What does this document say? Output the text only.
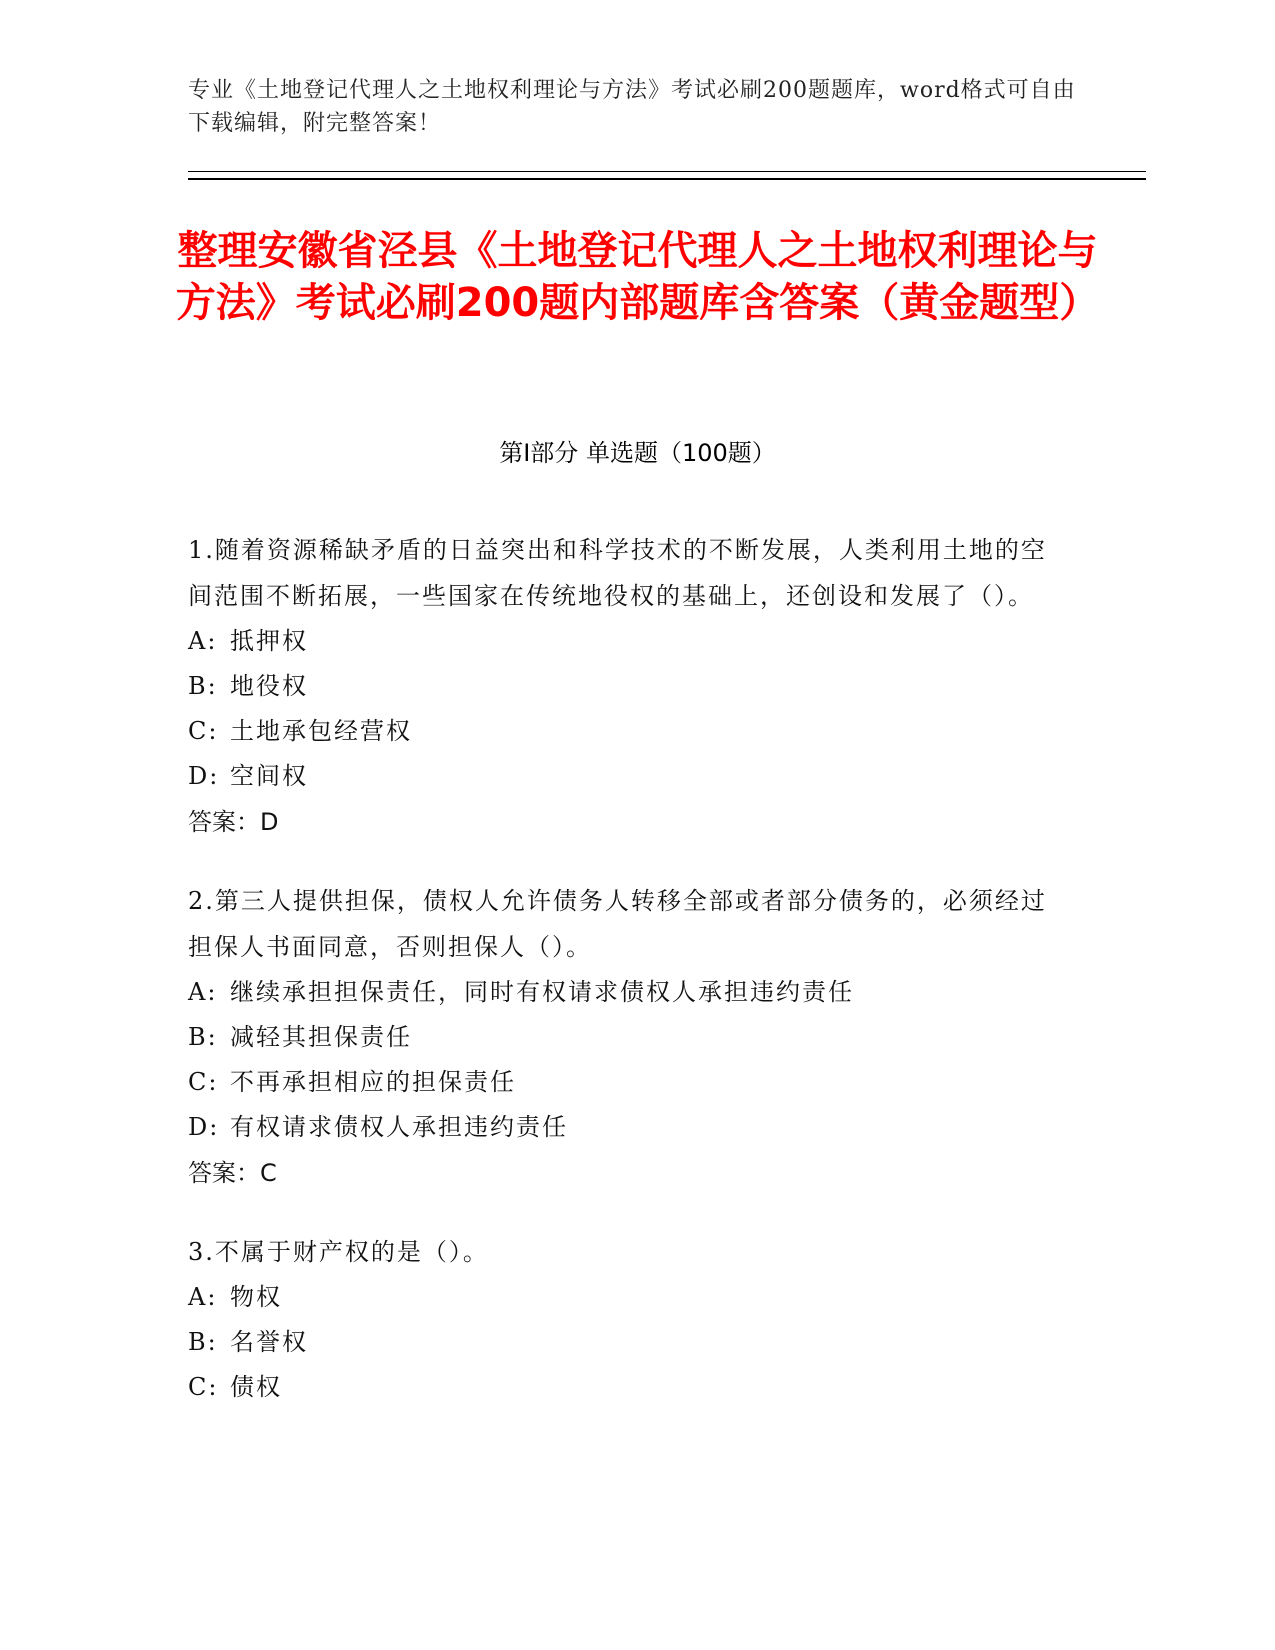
专业《土地登记代理人之土地权利理论与方法》考试必刷200题题库，word格式可自由下载编辑，附完整答案！
整理安徽省泾县《土地登记代理人之土地权利理论与方法》考试必刷200题内部题库含答案（黄金题型）
第Ⅰ部分 单选题（100题）

1.随着资源稀缺矛盾的日益突出和科学技术的不断发展，人类利用土地的空间范围不断拓展，一些国家在传统地役权的基础上，还创设和发展了（）。

A: 抵押权
B: 地役权
C: 土地承包经营权
D: 空间权
答案：D

2.第三人提供担保，债权人允许债务人转移全部或者部分债务的，必须经过担保人书面同意，否则担保人（）。

A: 继续承担担保责任，同时有权请求债权人承担违约责任
B: 减轻其担保责任
C: 不再承担相应的担保责任
D: 有权请求债权人承担违约责任
答案：C

3.不属于财产权的是（）。

A: 物权
B: 名誉权
C: 债权
